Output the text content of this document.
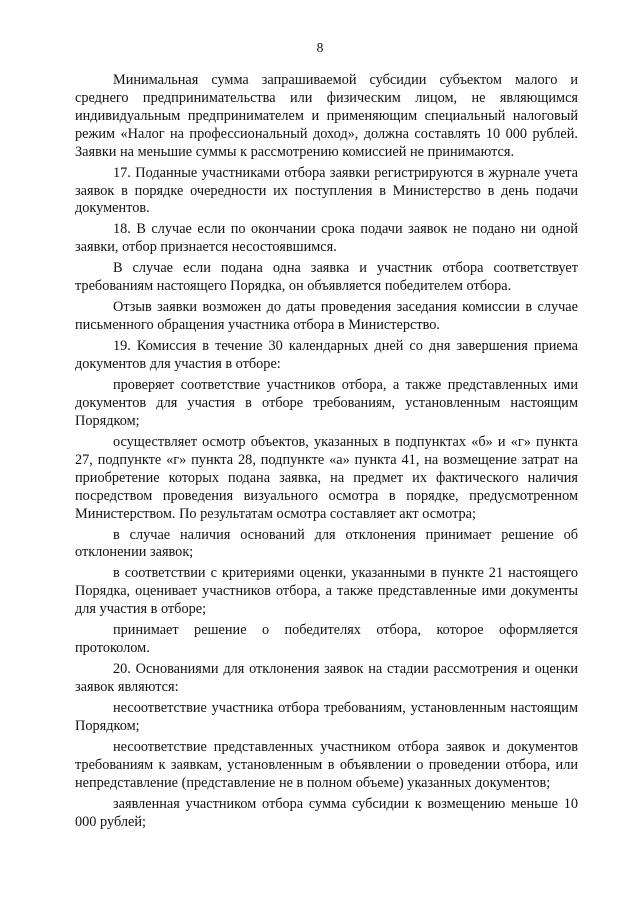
8

Минимальная сумма запрашиваемой субсидии субъектом малого и среднего предпринимательства или физическим лицом, не являющимся индивидуальным предпринимателем и применяющим специальный налоговый режим «Налог на профессиональный доход», должна составлять 10 000 рублей. Заявки на меньшие суммы к рассмотрению комиссией не принимаются.

17. Поданные участниками отбора заявки регистрируются в журнале учета заявок в порядке очередности их поступления в Министерство в день подачи документов.

18. В случае если по окончании срока подачи заявок не подано ни одной заявки, отбор признается несостоявшимся.

В случае если подана одна заявка и участник отбора соответствует требованиям настоящего Порядка, он объявляется победителем отбора.

Отзыв заявки возможен до даты проведения заседания комиссии в случае письменного обращения участника отбора в Министерство.

19. Комиссия в течение 30 календарных дней со дня завершения приема документов для участия в отборе:

проверяет соответствие участников отбора, а также представленных ими документов для участия в отборе требованиям, установленным настоящим Порядком;

осуществляет осмотр объектов, указанных в подпунктах «б» и «г» пункта 27, подпункте «г» пункта 28, подпункте «а» пункта 41, на возмещение затрат на приобретение которых подана заявка, на предмет их фактического наличия посредством проведения визуального осмотра в порядке, предусмотренном Министерством. По результатам осмотра составляет акт осмотра;

в случае наличия оснований для отклонения принимает решение об отклонении заявок;

в соответствии с критериями оценки, указанными в пункте 21 настоящего Порядка, оценивает участников отбора, а также представленные ими документы для участия в отборе;

принимает решение о победителях отбора, которое оформляется протоколом.

20. Основаниями для отклонения заявок на стадии рассмотрения и оценки заявок являются:

несоответствие участника отбора требованиям, установленным настоящим Порядком;

несоответствие представленных участником отбора заявок и документов требованиям к заявкам, установленным в объявлении о проведении отбора, или непредставление (представление не в полном объеме) указанных документов;

заявленная участником отбора сумма субсидии к возмещению меньше 10 000 рублей;
